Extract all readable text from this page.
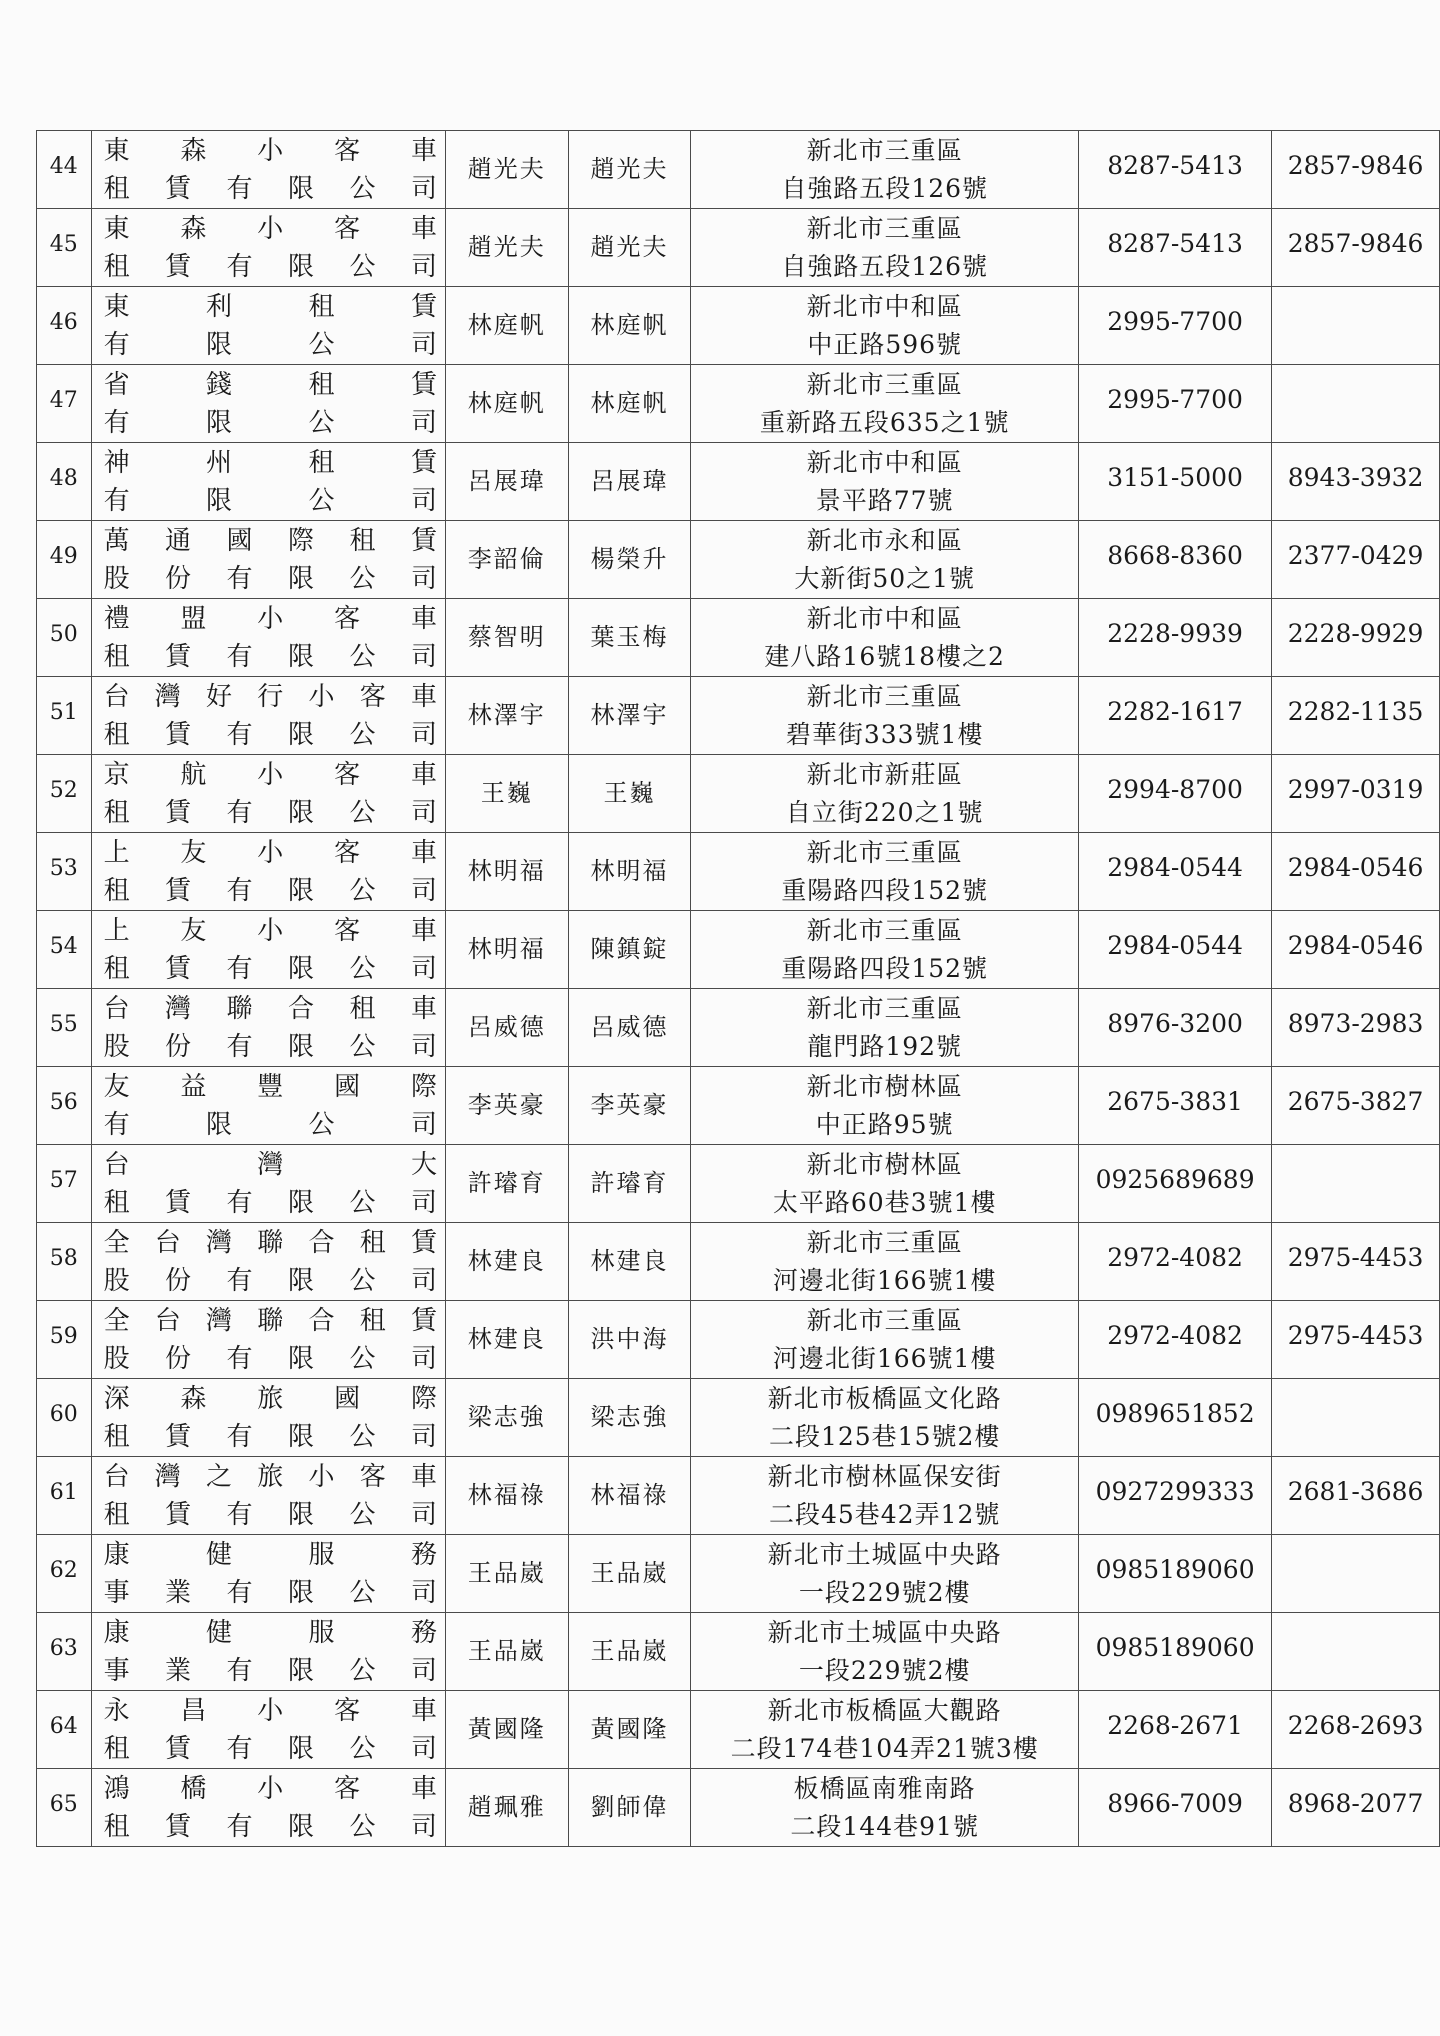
44	東 森 小 客 車
租 賃 有 限 公 司	趙光夫	趙光夫	新北市三重區
自強路五段126號	8287-5413	2857-9846

45	東 森 小 客 車
租 賃 有 限 公 司	趙光夫	趙光夫	新北市三重區
自強路五段126號	8287-5413	2857-9846

46	東 利 租 賃
有 限 公 司	林庭帆	林庭帆	新北市中和區
中正路596號	2995-7700	

47	省 錢 租 賃
有 限 公 司	林庭帆	林庭帆	新北市三重區
重新路五段635之1號	2995-7700	

48	神 州 租 賃
有 限 公 司	呂展瑋	呂展瑋	新北市中和區
景平路77號	3151-5000	8943-3932

49	萬 通 國 際 租 賃
股 份 有 限 公 司	李韶倫	楊榮升	新北市永和區
大新街50之1號	8668-8360	2377-0429

50	禮 盟 小 客 車
租 賃 有 限 公 司	蔡智明	葉玉梅	新北市中和區
建八路16號18樓之2	2228-9939	2228-9929

51	台 灣 好 行 小 客 車
租 賃 有 限 公 司	林澤宇	林澤宇	新北市三重區
碧華街333號1樓	2282-1617	2282-1135

52	京 航 小 客 車
租 賃 有 限 公 司	王巍	王巍	新北市新莊區
自立街220之1號	2994-8700	2997-0319

53	上 友 小 客 車
租 賃 有 限 公 司	林明福	林明福	新北市三重區
重陽路四段152號	2984-0544	2984-0546

54	上 友 小 客 車
租 賃 有 限 公 司	林明福	陳鎮錠	新北市三重區
重陽路四段152號	2984-0544	2984-0546

55	台 灣 聯 合 租 車
股 份 有 限 公 司	呂威德	呂威德	新北市三重區
龍門路192號	8976-3200	8973-2983

56	友 益 豐 國 際
有 限 公 司	李英豪	李英豪	新北市樹林區
中正路95號	2675-3831	2675-3827

57	台 灣 大
租 賃 有 限 公 司	許璿育	許璿育	新北市樹林區
太平路60巷3號1樓	0925689689	

58	全 台 灣 聯 合 租 賃
股 份 有 限 公 司	林建良	林建良	新北市三重區
河邊北街166號1樓	2972-4082	2975-4453

59	全 台 灣 聯 合 租 賃
股 份 有 限 公 司	林建良	洪中海	新北市三重區
河邊北街166號1樓	2972-4082	2975-4453

60	深 森 旅 國 際
租 賃 有 限 公 司	梁志強	梁志強	新北市板橋區文化路
二段125巷15號2樓	0989651852	

61	台 灣 之 旅 小 客 車
租 賃 有 限 公 司	林福祿	林福祿	新北市樹林區保安街
二段45巷42弄12號	0927299333	2681-3686

62	康 健 服 務
事 業 有 限 公 司	王品崴	王品崴	新北市土城區中央路
一段229號2樓	0985189060	

63	康 健 服 務
事 業 有 限 公 司	王品崴	王品崴	新北市土城區中央路
一段229號2樓	0985189060	

64	永 昌 小 客 車
租 賃 有 限 公 司	黃國隆	黃國隆	新北市板橋區大觀路
二段174巷104弄21號3樓	2268-2671	2268-2693

65	鴻 橋 小 客 車
租 賃 有 限 公 司	趙珮雅	劉師偉	板橋區南雅南路
二段144巷91號	8966-7009	8968-2077
